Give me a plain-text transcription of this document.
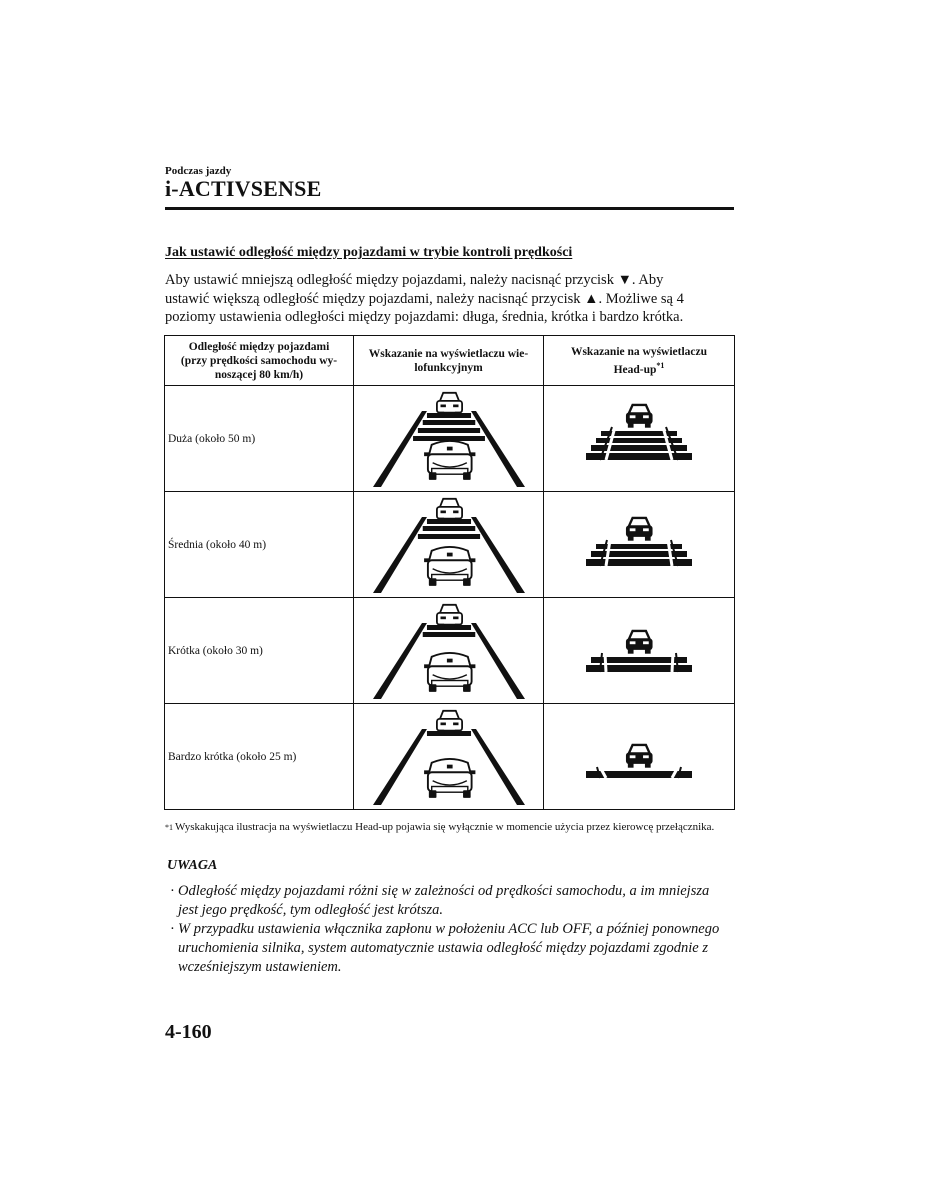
Podczas jazdy
i-ACTIVSENSE
Jak ustawić odległość między pojazdami w trybie kontroli prędkości

Aby ustawić mniejszą odległość między pojazdami, należy nacisnąć przycisk ▼. Aby

ustawić większą odległość między pojazdami, należy nacisnąć przycisk ▲. Możliwe są 4

poziomy ustawienia odległości między pojazdami: długa, średnia, krótka i bardzo krótka.

Odległość między pojazdami
(przy prędkości samochodu wy-
noszącej 80 km/h)	Wskazanie na wyświetlaczu wie-
lofunkcyjnym	Wskazanie na wyświetlaczu
Head-$up^{*1}$
Duża (około 50 m)	

Średnia (około 40 m)	

Krótka (około 30 m)	

Bardzo krótka (około 25 m)	

$^{*1}$ Wyskakująca ilustracja na wyświetlaczu Head-up pojawia się wyłącznie w momencie użycia przez kierowcę przełącznika.
UWAGA
· Odległość między pojazdami różni się w zależności od prędkości samochodu, a im mniejsza jest jego prędkość, tym odległość jest krótsza.
· W przypadku ustawienia włącznika zapłonu w położeniu ACC lub OFF, a później ponownego uruchomienia silnika, system automatycznie ustawia odległość między pojazdami zgodnie z wcześniejszym ustawieniem.
4-160
